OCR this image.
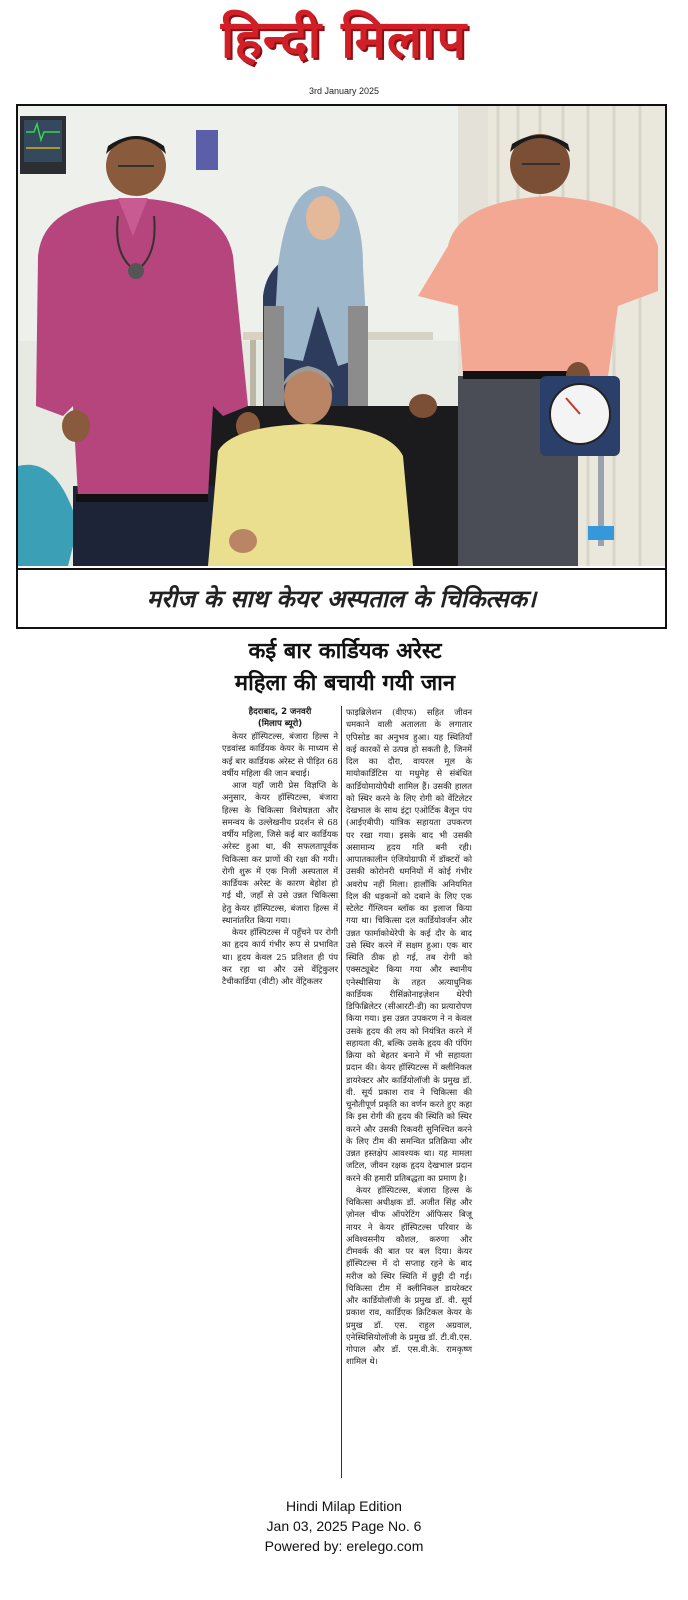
हिन्दी मिलाप
3rd January 2025
मरीज के साथ केयर अस्पताल के चिकित्सक।
कई बार कार्डियक अरेस्ट
महिला की बचायी गयी जान
हैदराबाद, 2 जनवरी
(मिलाप ब्यूरो)

केयर हॉस्पिटल्स, बंजारा हिल्स ने एडवांस्ड कार्डियक केयर के माध्यम से कई बार कार्डियक अरेस्ट से पीड़ित 68 वर्षीय महिला की जान बचाई।

आज यहाँ जारी प्रेस विज्ञप्ति के अनुसार, केयर हॉस्पिटल्स, बंजारा हिल्स के चिकित्सा विशेषज्ञता और समन्वय के उल्लेखनीय प्रदर्शन से 68 वर्षीय महिला, जिसे कई बार कार्डियक अरेस्ट हुआ था, की सफलतापूर्वक चिकित्सा कर प्राणों की रक्षा की गयी। रोगी शुरू में एक निजी अस्पताल में कार्डियक अरेस्ट के कारण बेहोश हो गई थी, जहाँ से उसे उन्नत चिकित्सा हेतु केयर हॉस्पिटल्स, बंजारा हिल्स में स्थानांतरित किया गया।

केयर हॉस्पिटल्स में पहुँचने पर रोगी का हृदय कार्य गंभीर रूप से प्रभावित था। हृदय केवल 25 प्रतिशत ही पंप कर रहा था और उसे वेंट्रिकुलर टैचीकार्डिया (वीटी) और वेंट्रिकलर

फाइब्रिलेशन (वीएफ) सहित जीवन धमकाने वाली अतालता के लगातार एपिसोड का अनुभव हुआ। यह स्थितियाँ कई कारकों से उत्पन्न हो सकती है, जिनमें दिल का दौरा, वायरल मूल के मायोकार्डिटिस या मधुमेह से संबंधित कार्डियोमायोपैथी शामिल हैं। उसकी हालत को स्थिर करने के लिए रोगी को वेंटिलेटर देखभाल के साथ इंट्रा एओर्टिक बैलून पंप (आईएबीपी) यांत्रिक सहायता उपकरण पर रखा गया। इसके बाद भी उसकी असामान्य हृदय गति बनी रही। आपातकालीन एंजियोग्राफी में डॉक्टरों को उसकी कोरोनरी धमनियों में कोई गंभीर अवरोध नहीं मिला। हालाँकि अनियमित दिल की धड़कनों को दबाने के लिए एक स्टेलेट गैंग्लियन ब्लॉक का इलाज किया गया था। चिकित्सा दल कार्डियोवर्जन और उन्नत फार्माकोथेरेपी के कई दौर के बाद उसे स्थिर करने में सक्षम हुआ। एक बार स्थिति ठीक हो गई, तब रोगी को एक्सट्यूबेट किया गया और स्थानीय एनेस्थीसिया के तहत अत्याधुनिक कार्डियक रीसिंक्रोनाइज़ेशन थेरेपी डिफिब्रिलेटर (सीआरटी-डी) का प्रत्यारोपण किया गया। इस उन्नत उपकरण ने न केवल उसके हृदय की लय को नियंत्रित करने में सहायता की, बल्कि उसके हृदय की पंपिंग क्रिया को बेहतर बनाने में भी सहायता प्रदान की। केयर हॉस्पिटल्स में क्लीनिकल डायरेक्टर और कार्डियोलॉजी के प्रमुख डॉ. वी. सूर्य प्रकाश राव ने चिकित्सा की चुनौतीपूर्ण प्रकृति का वर्णन करते हुए कहा कि इस रोगी की हृदय की स्थिति को स्थिर करने और उसकी रिकवरी सुनिश्चित करने के लिए टीम की समन्वित प्रतिक्रिया और उन्नत हस्तक्षेप आवश्यक था। यह मामला जटिल, जीवन रक्षक हृदय देखभाल प्रदान करने की हमारी प्रतिबद्धता का प्रमाण है।

केयर हॉस्पिटल्स, बंजारा हिल्स के चिकित्सा अधीक्षक डॉ. अजीत सिंह और ज़ोनल चीफ ऑपरेटिंग ऑफिसर बिजू नायर ने केयर हॉस्पिटल्स परिवार के अविश्वसनीय कौशल, करुणा और टीमवर्क की बात पर बल दिया। केयर हॉस्पिटल्स में दो सप्ताह रहने के बाद मरीज को स्थिर स्थिति में छुट्टी दी गई। चिकित्सा टीम में क्लीनिकल डायरेक्टर और कार्डियोलॉजी के प्रमुख डॉ. वी. सूर्य प्रकाश राव, कार्डिएक क्रिटिकल केयर के प्रमुख डॉ. एस. राहुल अग्रवाल, एनेस्थिसियोलॉजी के प्रमुख डॉ. टी.वी.एस. गोपाल और डॉ. एस.वी.के. रामकृष्ण शामिल थे।

Hindi Milap Edition
Jan 03, 2025 Page No. 6
Powered by: erelego.com
